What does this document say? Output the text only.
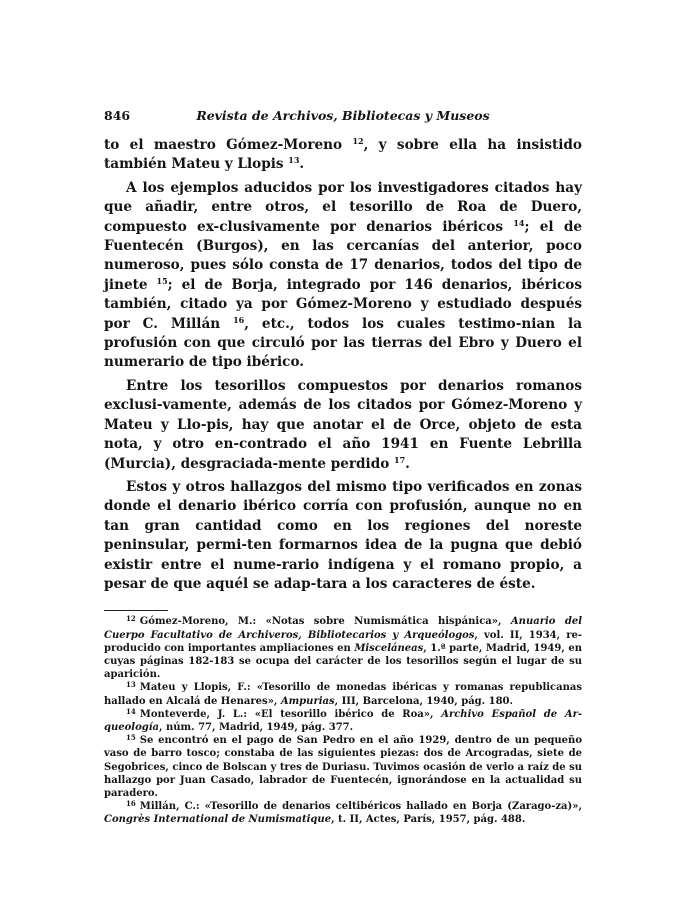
Revista de Archivos, Bibliotecas y Museos
846

to el maestro Gómez-Moreno $^{12}$, y sobre ella ha insistido también Mateu y Llopis $^{13}$.

A los ejemplos aducidos por los investigadores citados hay que añadir, entre otros, el tesorillo de Roa de Duero, compuesto ex-clusivamente por denarios ibéricos $^{14}$; el de Fuentecén (Burgos), en las cercanías del anterior, poco numeroso, pues sólo consta de 17 denarios, todos del tipo de jinete $^{15}$; el de Borja, integrado por 146 denarios, ibéricos también, citado ya por Gómez-Moreno y estudiado después por C. Millán $^{16}$, etc., todos los cuales testimo-nian la profusión con que circuló por las tierras del Ebro y Duero el numerario de tipo ibérico.

Entre los tesorillos compuestos por denarios romanos exclusi-vamente, además de los citados por Gómez-Moreno y Mateu y Llo-pis, hay que anotar el de Orce, objeto de esta nota, y otro en-contrado el año 1941 en Fuente Lebrilla (Murcia), desgraciada-mente perdido $^{17}$.

Estos y otros hallazgos del mismo tipo verificados en zonas donde el denario ibérico corría con profusión, aunque no en tan gran cantidad como en los regiones del noreste peninsular, permi-ten formarnos idea de la pugna que debió existir entre el nume-rario indígena y el romano propio, a pesar de que aquél se adap-tara a los caracteres de éste.

$^{12}$ Gómez-Moreno, M.: «Notas sobre Numismática hispánica», Anuario del Cuerpo Facultativo de Archiveros, Bibliotecarios y Arqueólogos, vol. II, 1934, re-producido con importantes ampliaciones en Misceláneas, 1.ª parte, Madrid, 1949, en cuyas páginas 182-183 se ocupa del carácter de los tesorillos según el lugar de su aparición.

$^{13}$ Mateu y Llopis, F.: «Tesorillo de monedas ibéricas y romanas republicanas hallado en Alcalá de Henares», Ampurias, III, Barcelona, 1940, pág. 180.

$^{14}$ Monteverde, J. L.: «El tesorillo ibérico de Roa», Archivo Español de Ar-queología, núm. 77, Madrid, 1949, pág. 377.

$^{15}$ Se encontró en el pago de San Pedro en el año 1929, dentro de un pequeño vaso de barro tosco; constaba de las siguientes piezas: dos de Arcogradas, siete de Segobrices, cinco de Bolscan y tres de Duriasu. Tuvimos ocasión de verlo a raíz de su hallazgo por Juan Casado, labrador de Fuentecén, ignorándose en la actualidad su paradero.

$^{16}$ Millán, C.: «Tesorillo de denarios celtibéricos hallado en Borja (Zarago-za)», Congrès International de Numismatique, t. II, Actes, París, 1957, pág. 488.
